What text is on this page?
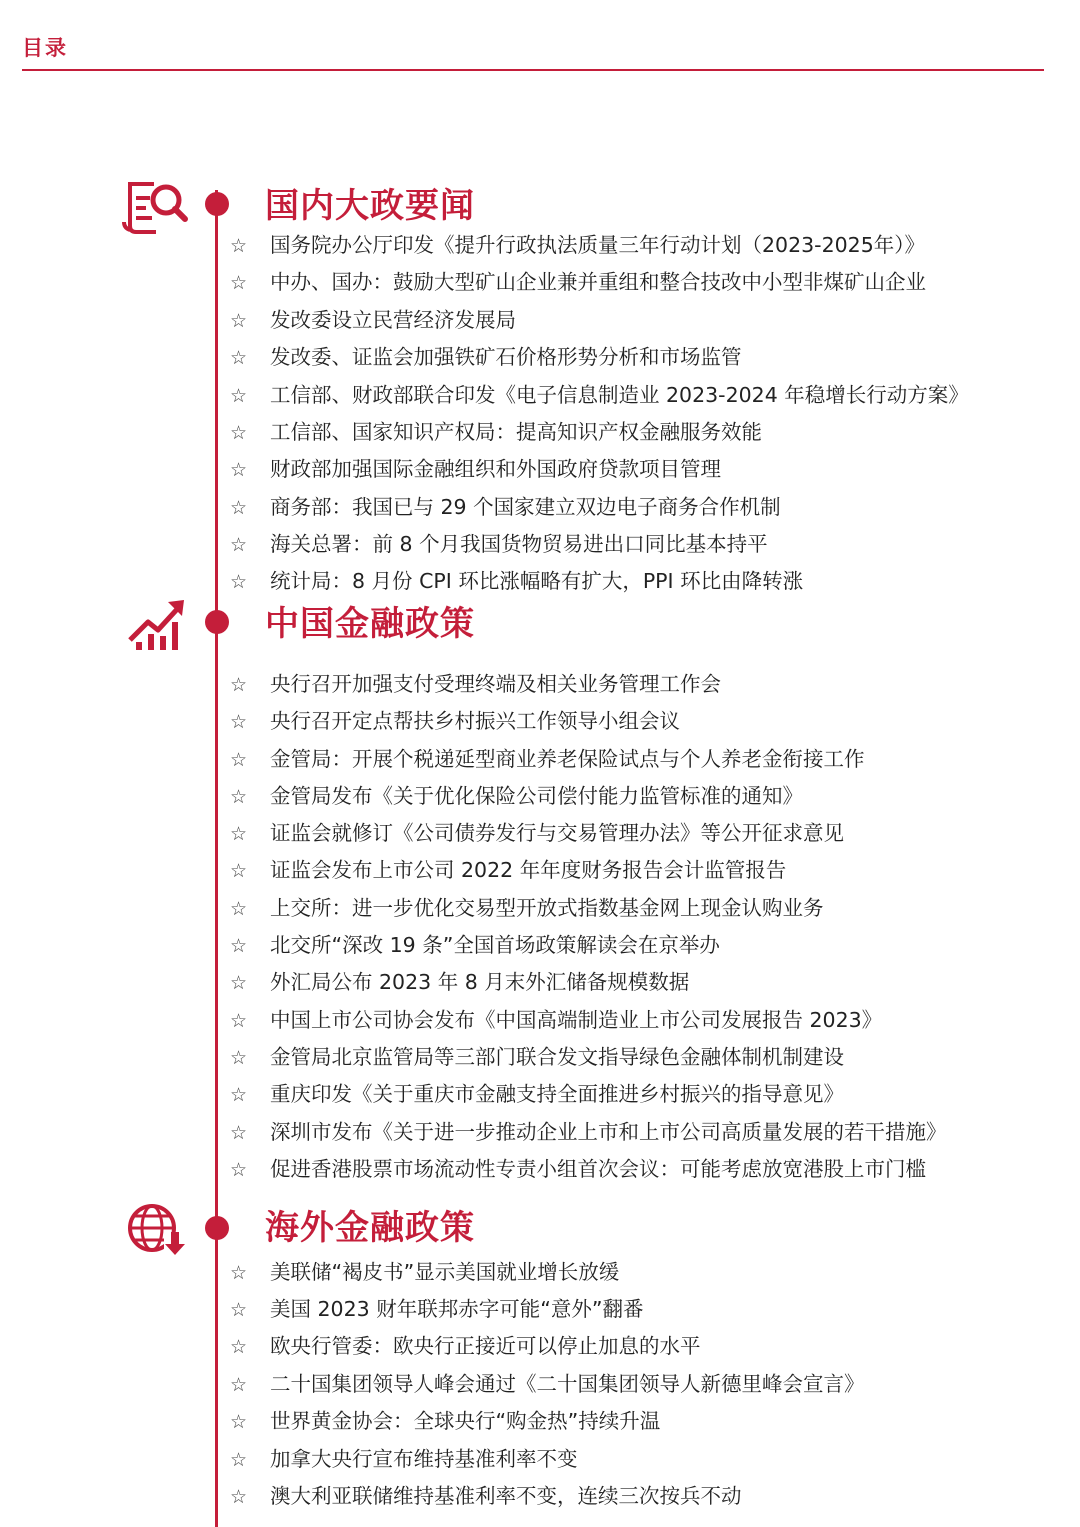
目录
国内大政要闻
☆ 国务院办公厅印发《提升行政执法质量三年行动计划（2023-2025年）》
☆ 中办、国办：鼓励大型矿山企业兼并重组和整合技改中小型非煤矿山企业
☆ 发改委设立民营经济发展局
☆ 发改委、证监会加强铁矿石价格形势分析和市场监管
☆ 工信部、财政部联合印发《电子信息制造业 2023-2024 年稳增长行动方案》
☆ 工信部、国家知识产权局：提高知识产权金融服务效能
☆ 财政部加强国际金融组织和外国政府贷款项目管理
☆ 商务部：我国已与 29 个国家建立双边电子商务合作机制
☆ 海关总署：前 8 个月我国货物贸易进出口同比基本持平
☆ 统计局：8 月份 CPI 环比涨幅略有扩大，PPI 环比由降转涨
中国金融政策
☆ 央行召开加强支付受理终端及相关业务管理工作会
☆ 央行召开定点帮扶乡村振兴工作领导小组会议
☆ 金管局：开展个税递延型商业养老保险试点与个人养老金衔接工作
☆ 金管局发布《关于优化保险公司偿付能力监管标准的通知》
☆ 证监会就修订《公司债券发行与交易管理办法》等公开征求意见
☆ 证监会发布上市公司 2022 年年度财务报告会计监管报告
☆ 上交所：进一步优化交易型开放式指数基金网上现金认购业务
☆ 北交所“深改 19 条”全国首场政策解读会在京举办
☆ 外汇局公布 2023 年 8 月末外汇储备规模数据
☆ 中国上市公司协会发布《中国高端制造业上市公司发展报告 2023》
☆ 金管局北京监管局等三部门联合发文指导绿色金融体制机制建设
☆ 重庆印发《关于重庆市金融支持全面推进乡村振兴的指导意见》
☆ 深圳市发布《关于进一步推动企业上市和上市公司高质量发展的若干措施》
☆ 促进香港股票市场流动性专责小组首次会议：可能考虑放宽港股上市门槛
海外金融政策
☆ 美联储“褐皮书”显示美国就业增长放缓
☆ 美国 2023 财年联邦赤字可能“意外”翻番
☆ 欧央行管委：欧央行正接近可以停止加息的水平
☆ 二十国集团领导人峰会通过《二十国集团领导人新德里峰会宣言》
☆ 世界黄金协会：全球央行“购金热”持续升温
☆ 加拿大央行宣布维持基准利率不变
☆ 澳大利亚联储维持基准利率不变，连续三次按兵不动
